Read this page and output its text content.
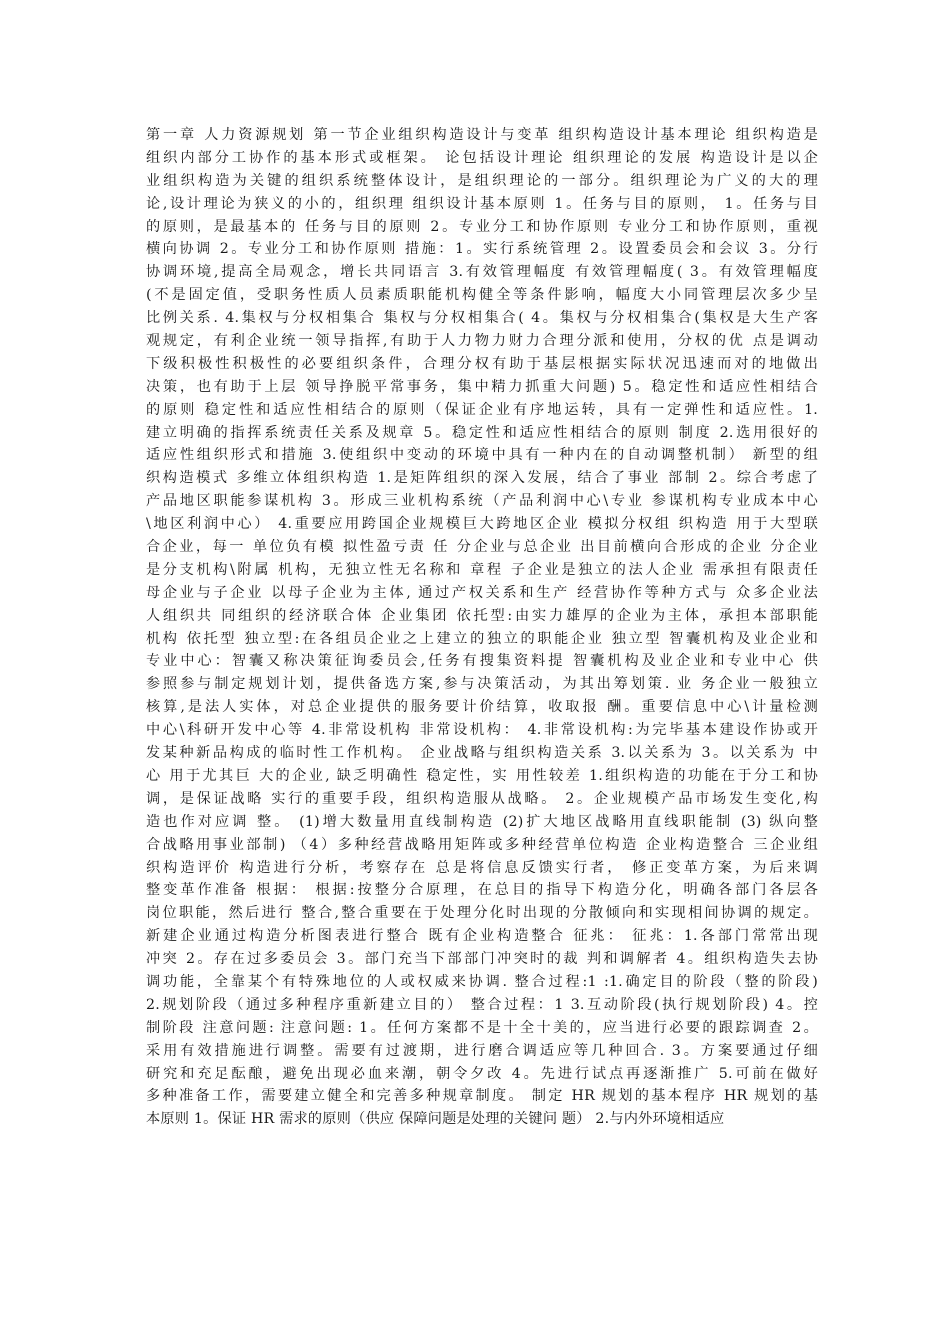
第一章 人力资源规划 第一节企业组织构造设计与变革 组织构造设计基本理论 组织构造是
组织内部分工协作的基本形式或框架。 论包括设计理论 组织理论的发展 构造设计是以企
业组织构造为关键的组织系统整体设计，是组织理论的一部分。组织理论为广义的大的理
论,设计理论为狭义的小的，组织理 组织设计基本原则 1。任务与目的原则， 1。任务与目
的原则，是最基本的 任务与目的原则 2。专业分工和协作原则 专业分工和协作原则，重视
横向协调 2。专业分工和协作原则 措施：1。实行系统管理 2。设置委员会和会议 3。分行
协调环境,提高全局观念，增长共同语言 3.有效管理幅度 有效管理幅度( 3。有效管理幅度
(不是固定值，受职务性质人员素质职能机构健全等条件影响，幅度大小同管理层次多少呈
比例关系. 4.集权与分权相集合 集权与分权相集合( 4。集权与分权相集合(集权是大生产客
观规定，有利企业统一领导指挥,有助于人力物力财力合理分派和使用，分权的优 点是调动
下级积极性积极性的必要组织条件，合理分权有助于基层根据实际状况迅速而对的地做出
决策，也有助于上层 领导挣脱平常事务，集中精力抓重大问题) 5。稳定性和适应性相结合
的原则 稳定性和适应性相结合的原则（保证企业有序地运转，具有一定弹性和适应性。1.
建立明确的指挥系统责任关系及规章 5。稳定性和适应性相结合的原则 制度 2.选用很好的
适应性组织形式和措施 3.使组织中变动的环境中具有一种内在的自动调整机制） 新型的组
织构造模式 多维立体组织构造 1.是矩阵组织的深入发展，结合了事业 部制 2。综合考虑了
产品地区职能参谋机构 3。形成三业机构系统（产品利润中心\专业 参谋机构专业成本中心
\地区利润中心） 4.重要应用跨国企业规模巨大跨地区企业 模拟分权组 织构造 用于大型联
合企业，每一 单位负有模 拟性盈亏责 任 分企业与总企业 出目前横向合形成的企业 分企业
是分支机构\附属 机构，无独立性无名称和 章程 子企业是独立的法人企业 需承担有限责任
母企业与子企业 以母子企业为主体, 通过产权关系和生产 经营协作等种方式与 众多企业法
人组织共 同组织的经济联合体 企业集团 依托型:由实力雄厚的企业为主体，承担本部职能
机构 依托型 独立型:在各组员企业之上建立的独立的职能企业 独立型 智囊机构及业企业和
专业中心：智囊又称决策征询委员会,任务有搜集资料提 智囊机构及业企业和专业中心 供
参照参与制定规划计划，提供备选方案,参与决策活动，为其出筹划策. 业 务企业一般独立
核算,是法人实体，对总企业提供的服务要计价结算，收取报 酬。重要信息中心\计量检测
中心\科研开发中心等 4.非常设机构 非常设机构： 4.非常设机构:为完毕基本建设作协或开
发某种新品构成的临时性工作机构。 企业战略与组织构造关系 3.以关系为 3。以关系为 中
心 用于尤其巨 大的企业, 缺乏明确性 稳定性，实 用性较差 1.组织构造的功能在于分工和协
调，是保证战略 实行的重要手段，组织构造服从战略。 2。企业规模产品市场发生变化,构
造也作对应调 整。 (1)增大数量用直线制构造 (2)扩大地区战略用直线职能制 (3) 纵向整
合战略用事业部制) （4）多种经营战略用矩阵或多种经营单位构造 企业构造整合 三企业组
织构造评价 构造进行分析，考察存在 总是将信息反馈实行者， 修正变革方案，为后来调
整变革作准备 根据： 根据:按整分合原理，在总目的指导下构造分化，明确各部门各层各
岗位职能，然后进行 整合,整合重要在于处理分化时出现的分散倾向和实现相间协调的规定。
新建企业通过构造分析图表进行整合 既有企业构造整合 征兆： 征兆：1.各部门常常出现
冲突 2。存在过多委员会 3。部门充当下部部门冲突时的裁 判和调解者 4。组织构造失去协
调功能，全靠某个有特殊地位的人或权威来协调. 整合过程:1 :1.确定目的阶段（整的阶段)
2.规划阶段（通过多种程序重新建立目的） 整合过程：1 3.互动阶段(执行规划阶段) 4。控
制阶段 注意问题: 注意问题: 1。任何方案都不是十全十美的，应当进行必要的跟踪调查 2。
采用有效措施进行调整。需要有过渡期，进行磨合调适应等几种回合. 3。方案要通过仔细
研究和充足酝酿，避免出现必血来潮，朝令夕改 4。先进行试点再逐渐推广 5.可前在做好
多种准备工作，需要建立健全和完善多种规章制度。 制定 HR 规划的基本程序 HR 规划的基
本原则 1。保证 HR 需求的原则（供应 保障问题是处理的关键问 题） 2.与内外环境相适应
